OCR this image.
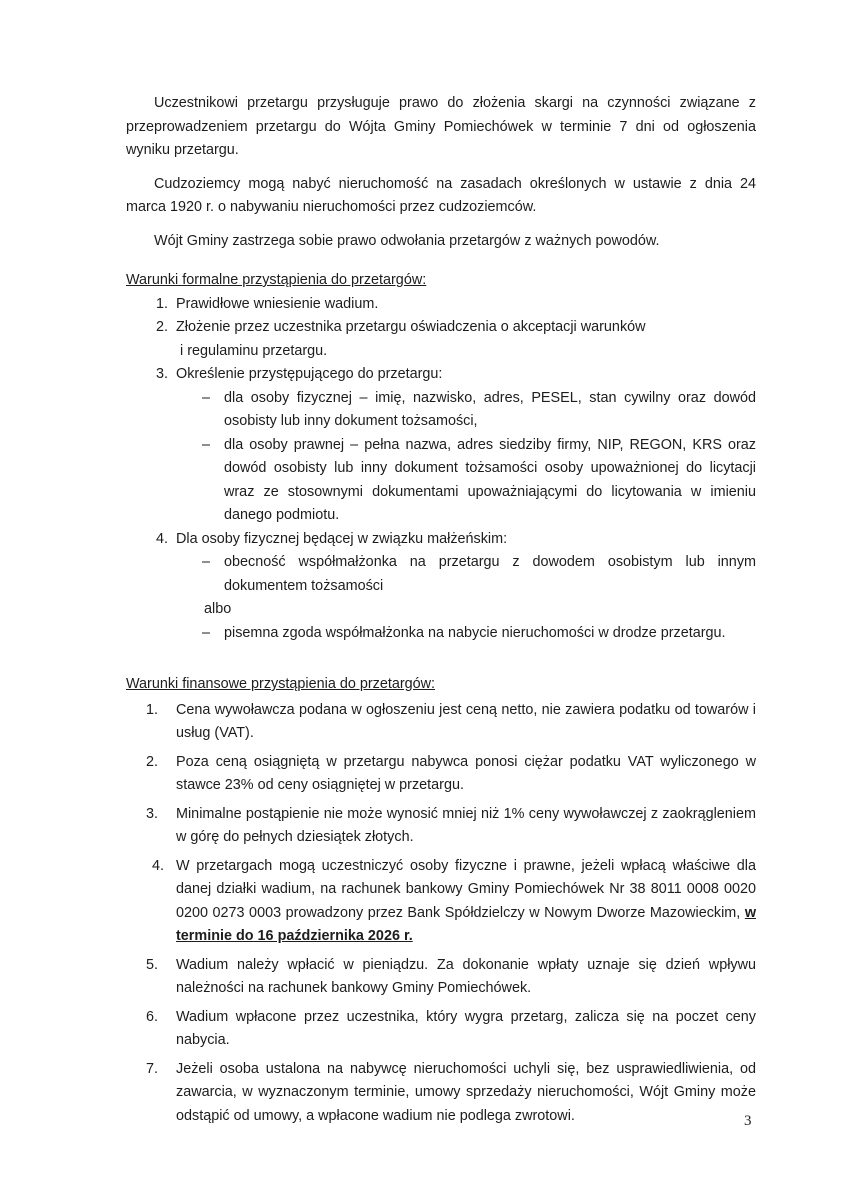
Uczestnikowi przetargu przysługuje prawo do złożenia skargi na czynności związane z przeprowadzeniem przetargu do Wójta Gminy Pomiechówek w terminie 7 dni od ogłoszenia wyniku przetargu.

Cudzoziemcy mogą nabyć nieruchomość na zasadach określonych w ustawie z dnia 24 marca 1920 r. o nabywaniu nieruchomości przez cudzoziemców.

Wójt Gminy zastrzega sobie prawo odwołania przetargów z ważnych powodów.

Warunki formalne przystąpienia do przetargów:

1. Prawidłowe wniesienie wadium.
2. Złożenie przez uczestnika przetargu oświadczenia o akceptacji warunków
i regulaminu przetargu.
3. Określenie przystępującego do przetargu:
– dla osoby fizycznej – imię, nazwisko, adres, PESEL, stan cywilny oraz dowód osobisty lub inny dokument tożsamości,
– dla osoby prawnej – pełna nazwa, adres siedziby firmy, NIP, REGON, KRS oraz dowód osobisty lub inny dokument tożsamości osoby upoważnionej do licytacji wraz ze stosownymi dokumentami upoważniającymi do licytowania w imieniu danego podmiotu.
4. Dla osoby fizycznej będącej w związku małżeńskim:
– obecność współmałżonka na przetargu z dowodem osobistym lub innym dokumentem tożsamości
albo
– pisemna zgoda współmałżonka na nabycie nieruchomości w drodze przetargu.

Warunki finansowe przystąpienia do przetargów:

1.	Cena wywoławcza podana w ogłoszeniu jest ceną netto, nie zawiera podatku od towarów i usług (VAT).
2.	Poza ceną osiągniętą w przetargu nabywca ponosi ciężar podatku VAT wyliczonego w stawce 23% od ceny osiągniętej w przetargu.
3.	Minimalne postąpienie nie może wynosić mniej niż 1% ceny wywoławczej z zaokrągleniem w górę do pełnych dziesiątek złotych.
4. W przetargach mogą uczestniczyć osoby fizyczne i prawne, jeżeli wpłacą właściwe dla danej działki wadium, na rachunek bankowy Gminy Pomiechówek Nr 38 8011 0008 0020 0200 0273 0003 prowadzony przez Bank Spółdzielczy w Nowym Dworze Mazowieckim, w terminie do 16 października 2026 r.
5.	Wadium należy wpłacić w pieniądzu. Za dokonanie wpłaty uznaje się dzień wpływu należności na rachunek bankowy Gminy Pomiechówek.
6.	Wadium wpłacone przez uczestnika, który wygra przetarg, zalicza się na poczet ceny nabycia.
7.	Jeżeli osoba ustalona na nabywcę nieruchomości uchyli się, bez usprawiedliwienia, od zawarcia, w wyznaczonym terminie, umowy sprzedaży nieruchomości, Wójt Gminy może odstąpić od umowy, a wpłacone wadium nie podlega zwrotowi.	3
